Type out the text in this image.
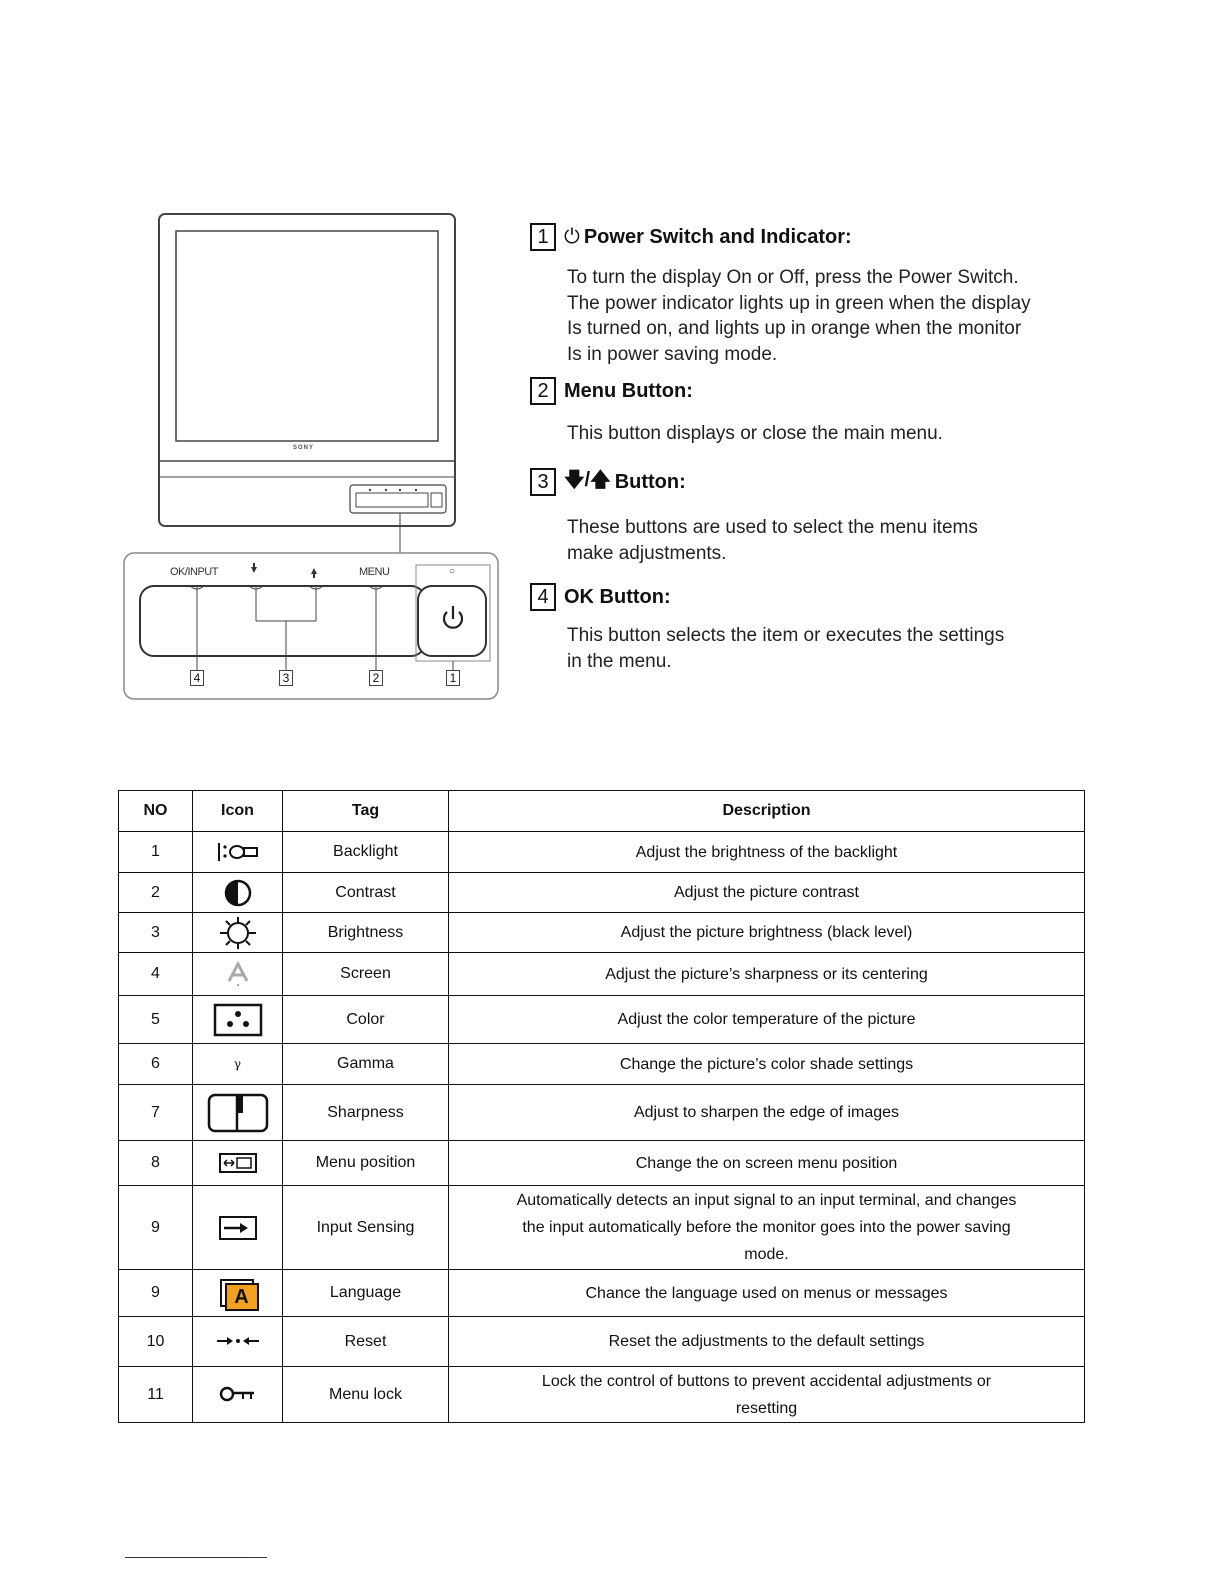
SONY
OK/INPUT	MENU	○
4	3	2	1
1 ⏻ Power Switch and Indicator:
To turn the display On or Off, press the Power Switch.
The power indicator lights up in green when the display
Is turned on, and lights up in orange when the monitor
Is in power saving mode.
2 Menu Button:
This button displays or close the main menu.
3 🡇/🡅 Button:
These buttons are used to select the menu items
make adjustments.
4 OK Button:
This button selects the item or executes the settings
in the menu.
NO	Icon	Tag	Description
1		Backlight	Adjust the brightness of the backlight

2		Contrast	Adjust the picture contrast

3		Brightness	Adjust the picture brightness (black level)

4		Screen	Adjust the picture’s sharpness or its centering

5		Color	Adjust the color temperature of the picture

6	γ	Gamma	Change the picture’s color shade settings

7		Sharpness	Adjust to sharpen the edge of images

8		Menu position	Change the on screen menu position

9		Input Sensing	Automatically detects an input signal to an input terminal, and changes
the input automatically before the monitor goes into the power saving
mode.

9	A	Language	Chance the language used on menus or messages

10		Reset	Reset the adjustments to the default settings

11		Menu lock	Lock the control of buttons to prevent accidental adjustments or
resetting
